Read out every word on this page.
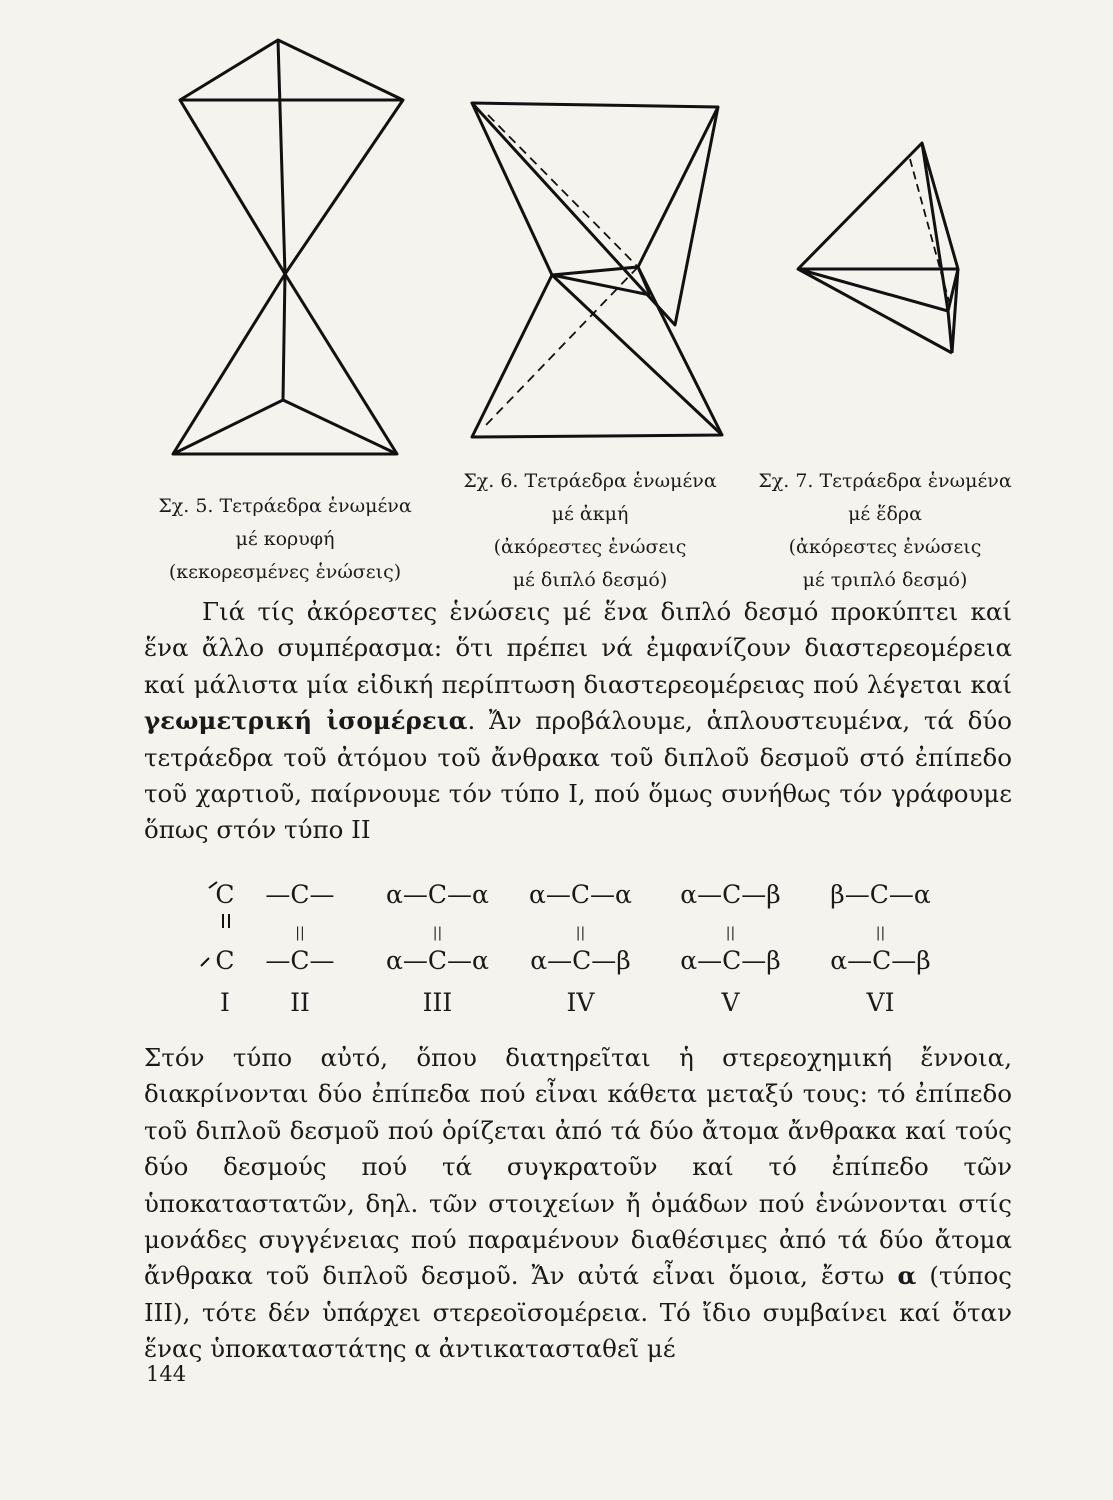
Σχ. 5. Τετράεδρα ἑνωμένα
μέ κορυφή
(κεκορεσμένες ἑνώσεις)
Σχ. 6. Τετράεδρα ἑνωμένα
μέ ἀκμή
(ἀκόρεστες ἑνώσεις
μέ διπλό δεσμό)
Σχ. 7. Τετράεδρα ἑνωμένα
μέ ἕδρα
(ἀκόρεστες ἑνώσεις
μέ τριπλό δεσμό)
Γιά τίς ἀκόρεστες ἑνώσεις μέ ἕνα διπλό δεσμό προκύπτει καί ἕνα ἄλλο συμπέρασμα: ὅτι πρέπει νά ἐμφανίζουν διαστερεομέρεια καί μάλιστα μία εἰδική περίπτωση διαστερεομέρειας πού λέγεται καί γεωμετρική ἰσομέρεια. Ἄν προβάλουμε, ἁπλουστευμένα, τά δύο τετράεδρα τοῦ ἀτόμου τοῦ ἄνθρακα τοῦ διπλοῦ δεσμοῦ στό ἐπίπεδο τοῦ χαρτιοῦ, παίρνουμε τόν τύπο Ι, πού ὅμως συνήθως τόν γράφουμε ὅπως στόν τύπο ΙΙ
C
C
I
—C—
||
—C—
II
α—C—α
||
α—C—α
III
α—C—α
||
α—C—β
IV
α—C—β
||
α—C—β
V
β—C—α
||
α—C—β
VI
Στόν τύπο αὐτό, ὅπου διατηρεῖται ἡ στερεοχημική ἔννοια, διακρίνονται δύο ἐπίπεδα πού εἶναι κάθετα μεταξύ τους: τό ἐπίπεδο τοῦ διπλοῦ δεσμοῦ πού ὁρίζεται ἀπό τά δύο ἄτομα ἄνθρακα καί τούς δύο δεσμούς πού τά συγκρατοῦν καί τό ἐπίπεδο τῶν ὑποκαταστατῶν, δηλ. τῶν στοιχείων ἤ ὁμάδων πού ἑνώνονται στίς μονάδες συγγένειας πού παραμένουν διαθέσιμες ἀπό τά δύο ἄτομα ἄνθρακα τοῦ διπλοῦ δεσμοῦ. Ἄν αὐτά εἶναι ὅμοια, ἔστω α (τύπος ΙΙΙ), τότε δέν ὑπάρχει στερεοϊσομέρεια. Τό ἴδιο συμβαίνει καί ὅταν ἕνας ὑποκαταστάτης α ἀντικατασταθεῖ μέ
144
